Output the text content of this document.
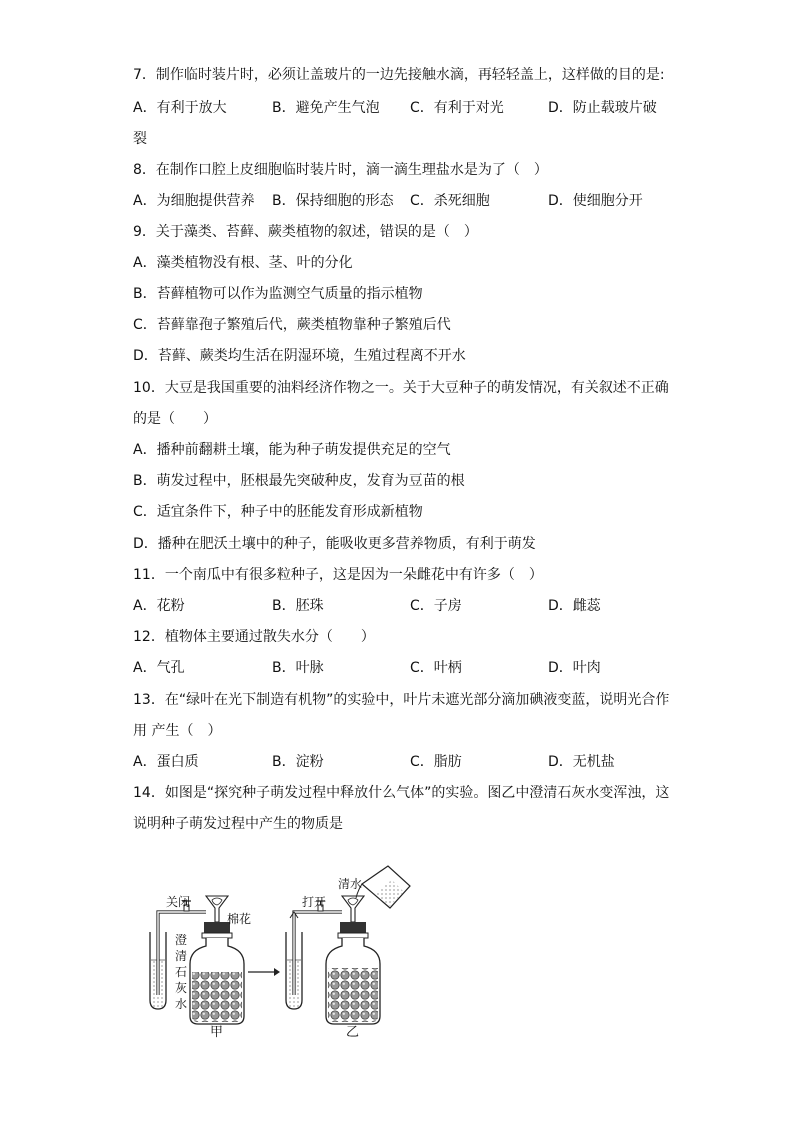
7．制作临时装片时，必须让盖玻片的一边先接触水滴，再轻轻盖上，这样做的目的是:
A．有利于放大	B．避免产生气泡 C．有利于对光	D．防止载玻片破
裂
8．在制作口腔上皮细胞临时装片时，滴一滴生理盐水是为了（　）
A．为细胞提供营养 B．保持细胞的形态 C．杀死细胞	D．使细胞分开
9．关于藻类、苔藓、蕨类植物的叙述，错误的是（　）
A．藻类植物没有根、茎、叶的分化
B．苔藓植物可以作为监测空气质量的指示植物
C．苔藓靠孢子繁殖后代，蕨类植物靠种子繁殖后代
D．苔藓、蕨类均生活在阴湿环境，生殖过程离不开水
10．大豆是我国重要的油料经济作物之一。关于大豆种子的萌发情况，有关叙述不正确
的是（　　）
A．播种前翻耕土壤，能为种子萌发提供充足的空气
B．萌发过程中，胚根最先突破种皮，发育为豆苗的根
C．适宜条件下，种子中的胚能发育形成新植物
D．播种在肥沃土壤中的种子，能吸收更多营养物质，有利于萌发
11．一个南瓜中有很多粒种子，这是因为一朵雌花中有许多（　）
A．花粉	B．胚珠	C．子房	D．雌蕊
12．植物体主要通过散失水分（　　）
A．气孔	B．叶脉	C．叶柄	D．叶肉
13．在“绿叶在光下制造有机物”的实验中，叶片未遮光部分滴加碘液变蓝，说明光合作
用 产生（　）
A．蛋白质	B．淀粉	C．脂肪	D．无机盐
14．如图是“探究种子萌发过程中释放什么气体”的实验。图乙中澄清石灰水变浑浊，这
说明种子萌发过程中产生的物质是
关闭
棉花
澄 清 石 灰 水
甲
打开
清水
乙
